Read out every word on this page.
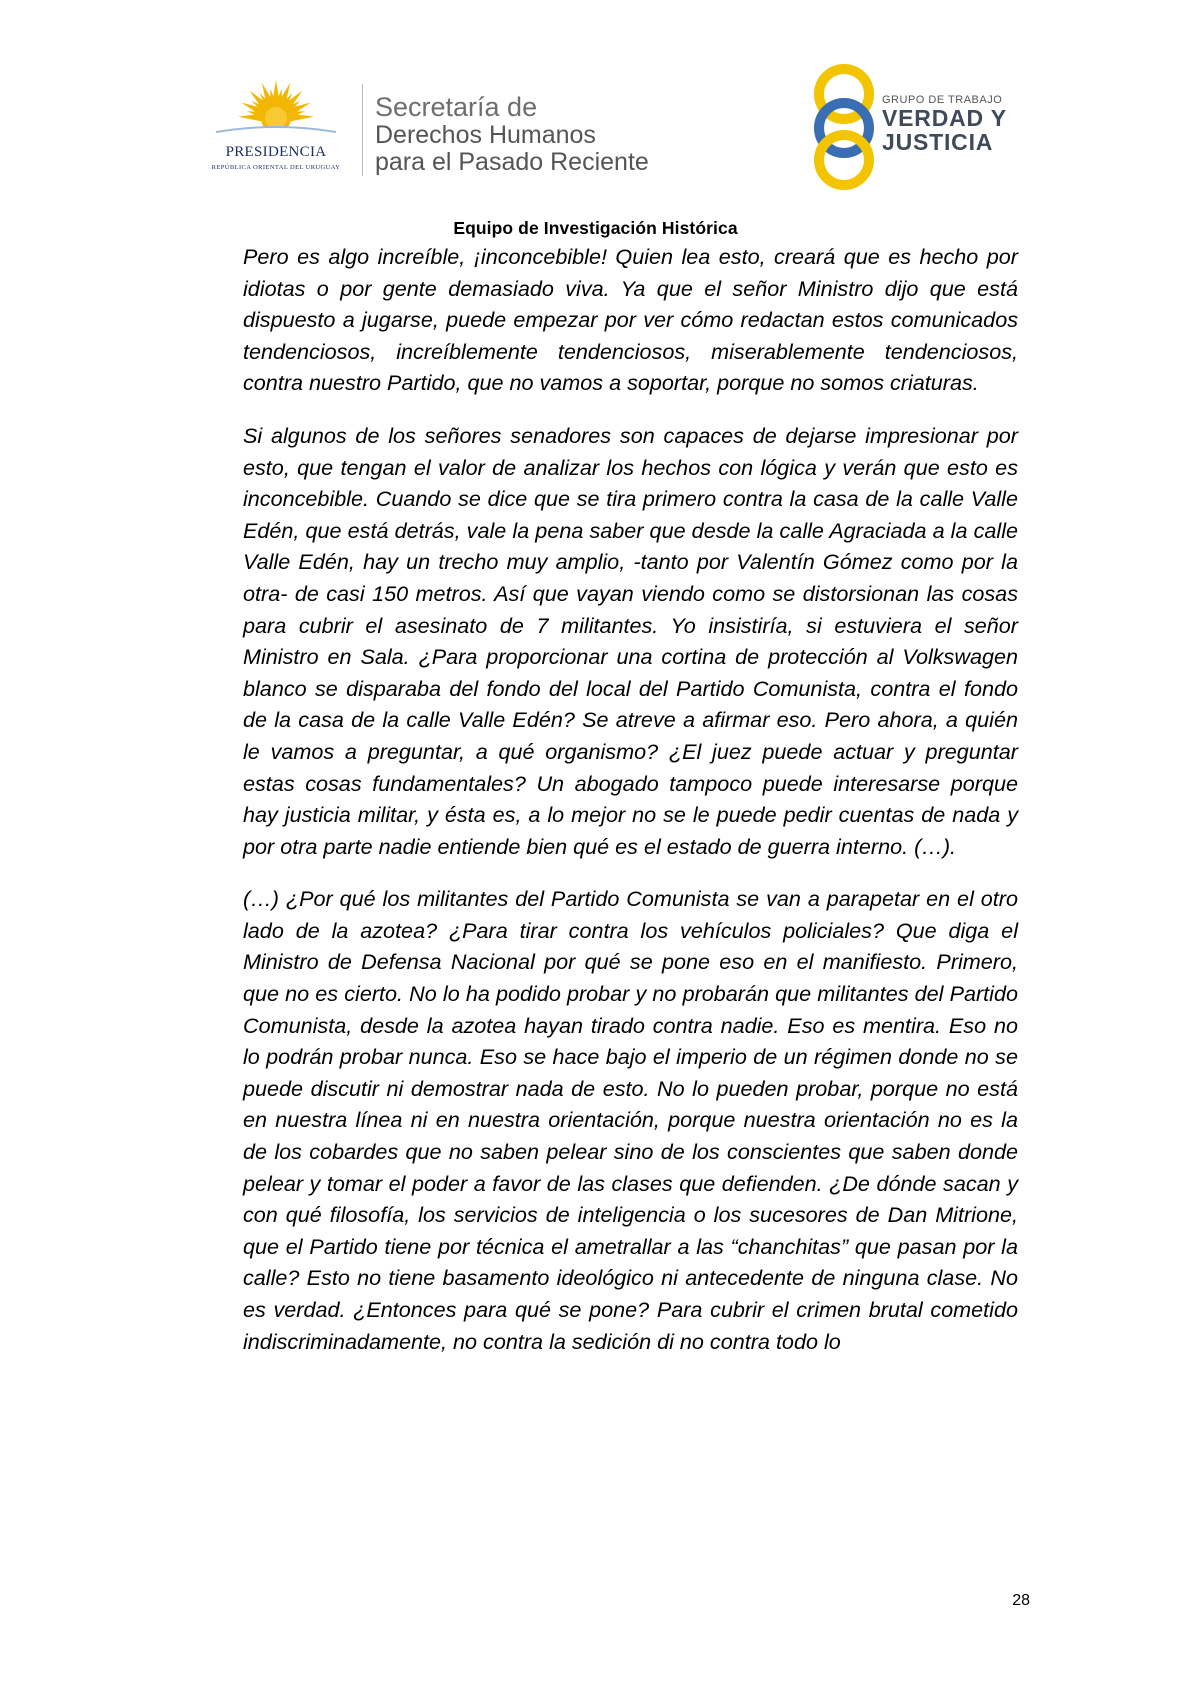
PRESIDENCIA
REPÚBLICA ORIENTAL DEL URUGUAY
Secretaría de
Derechos Humanos
para el Pasado Reciente
GRUPO DE TRABAJO
VERDAD Y
JUSTICIA
Equipo de Investigación Histórica

Pero es algo increíble, ¡inconcebible! Quien lea esto, creará que es hecho por idiotas o por gente demasiado viva. Ya que el señor Ministro dijo que está dispuesto a jugarse, puede empezar por ver cómo redactan estos comunicados tendenciosos, increíblemente tendenciosos, miserablemente tendenciosos, contra nuestro Partido, que no vamos a soportar, porque no somos criaturas.

Si algunos de los señores senadores son capaces de dejarse impresionar por esto, que tengan el valor de analizar los hechos con lógica y verán que esto es inconcebible. Cuando se dice que se tira primero contra la casa de la calle Valle Edén, que está detrás, vale la pena saber que desde la calle Agraciada a la calle Valle Edén, hay un trecho muy amplio, -tanto por Valentín Gómez como por la otra- de casi 150 metros. Así que vayan viendo como se distorsionan las cosas para cubrir el asesinato de 7 militantes. Yo insistiría, si estuviera el señor Ministro en Sala. ¿Para proporcionar una cortina de protección al Volkswagen blanco se disparaba del fondo del local del Partido Comunista, contra el fondo de la casa de la calle Valle Edén? Se atreve a afirmar eso. Pero ahora, a quién le vamos a preguntar, a qué organismo? ¿El juez puede actuar y preguntar estas cosas fundamentales? Un abogado tampoco puede interesarse porque hay justicia militar, y ésta es, a lo mejor no se le puede pedir cuentas de nada y por otra parte nadie entiende bien qué es el estado de guerra interno. (…).

(…) ¿Por qué los militantes del Partido Comunista se van a parapetar en el otro lado de la azotea? ¿Para tirar contra los vehículos policiales? Que diga el Ministro de Defensa Nacional por qué se pone eso en el manifiesto. Primero, que no es cierto. No lo ha podido probar y no probarán que militantes del Partido Comunista, desde la azotea hayan tirado contra nadie. Eso es mentira. Eso no lo podrán probar nunca. Eso se hace bajo el imperio de un régimen donde no se puede discutir ni demostrar nada de esto. No lo pueden probar, porque no está en nuestra línea ni en nuestra orientación, porque nuestra orientación no es la de los cobardes que no saben pelear sino de los conscientes que saben donde pelear y tomar el poder a favor de las clases que defienden. ¿De dónde sacan y con qué filosofía, los servicios de inteligencia o los sucesores de Dan Mitrione, que el Partido tiene por técnica el ametrallar a las “chanchitas” que pasan por la calle? Esto no tiene basamento ideológico ni antecedente de ninguna clase. No es verdad. ¿Entonces para qué se pone? Para cubrir el crimen brutal cometido indiscriminadamente, no contra la sedición di no contra todo lo

28
